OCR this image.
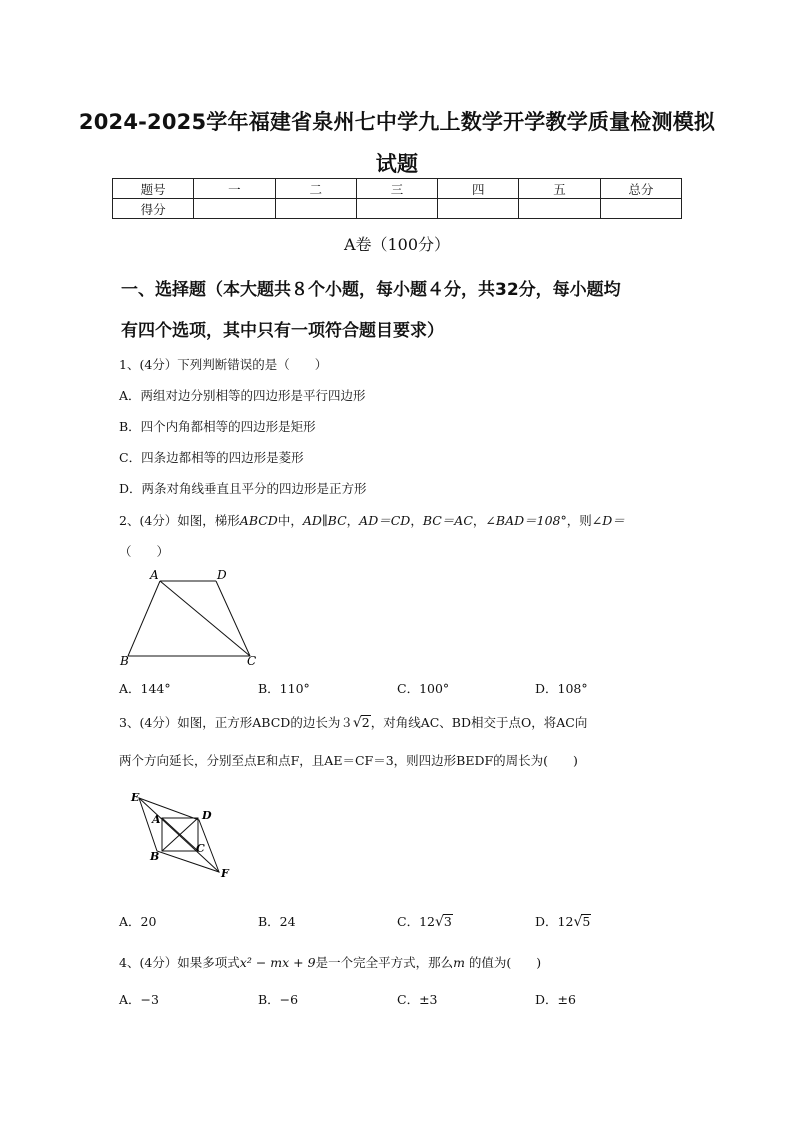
2024-2025学年福建省泉州七中学九上数学开学教学质量检测模拟
试题
题号	一	二	三	四	五	总分
得分						
A卷（100分）
一、选择题（本大题共８个小题，每小题４分，共32分，每小题均
有四个选项，其中只有一项符合题目要求）
1、(4分）下列判断错误的是（　　）
A．两组对边分别相等的四边形是平行四边形
B．四个内角都相等的四边形是矩形
C．四条边都相等的四边形是菱形
D．两条对角线垂直且平分的四边形是正方形
2、(4分）如图，梯形ABCD中，AD∥BC，AD＝CD，BC＝AC，∠BAD＝108°，则∠D＝
（　　）
A	D
B	C
A．144°	B．110°	C．100°	D．108°
3、(4分）如图，正方形ABCD的边长为３√2，对角线AC、BD相交于点O，将AC向
两个方向延长，分别至点E和点F，且AE＝CF＝3，则四边形BEDF的周长为(　　)
E
A	D
B
C
F
A．20	B．24	C．12√3	D．12√5
4、(4分）如果多项式x² − mx + 9是一个完全平方式，那么m 的值为(　　)
A．−3	B．−6	C．±3	D．±6
